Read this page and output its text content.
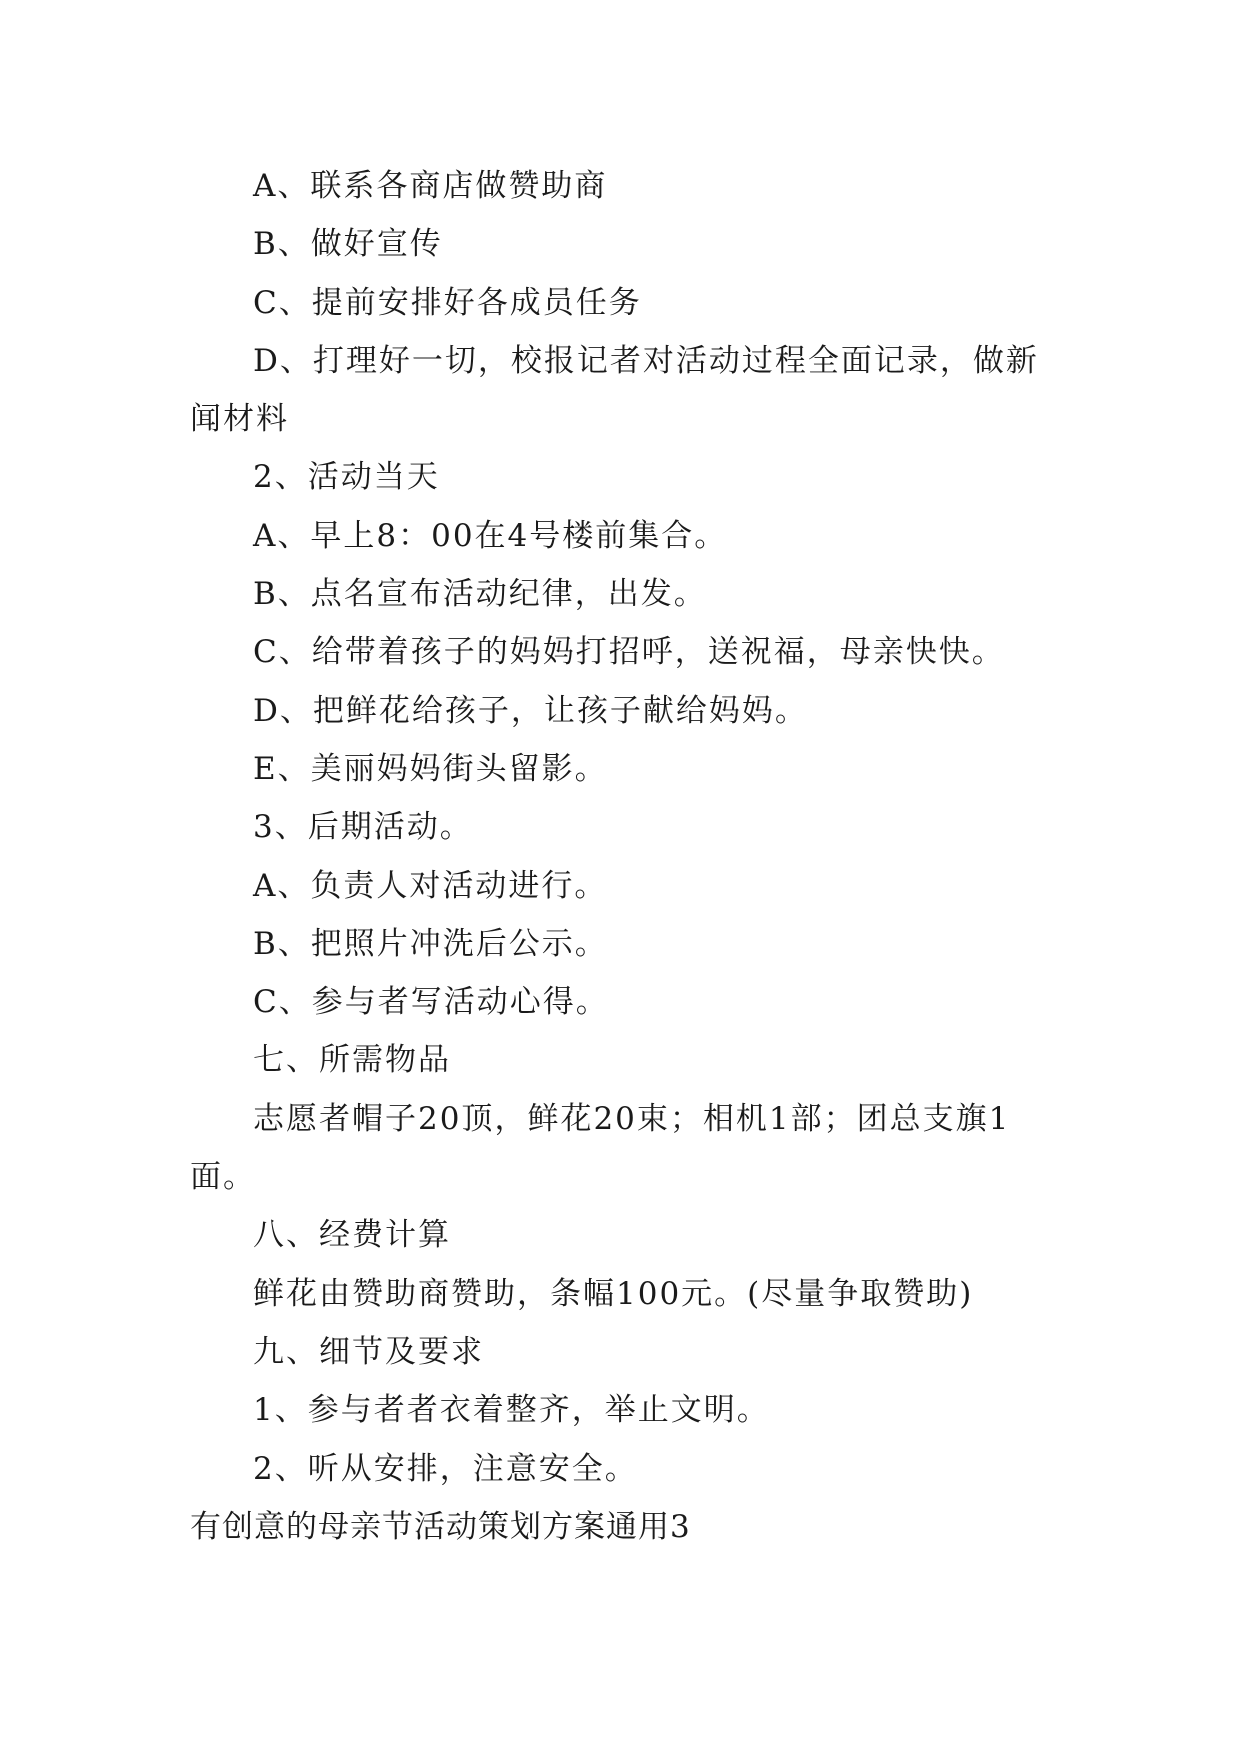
A、联系各商店做赞助商
B、做好宣传
C、提前安排好各成员任务
D、打理好一切，校报记者对活动过程全面记录，做新
闻材料
2、活动当天
A、早上8：00在4号楼前集合。
B、点名宣布活动纪律，出发。
C、给带着孩子的妈妈打招呼，送祝福，母亲快快。
D、把鲜花给孩子，让孩子献给妈妈。
E、美丽妈妈街头留影。
3、后期活动。
A、负责人对活动进行。
B、把照片冲洗后公示。
C、参与者写活动心得。
七、所需物品
志愿者帽子20顶，鲜花20束；相机1部；团总支旗1
面。
八、经费计算
鲜花由赞助商赞助，条幅100元。(尽量争取赞助)
九、细节及要求
1、参与者者衣着整齐，举止文明。
2、听从安排，注意安全。
有创意的母亲节活动策划方案通用3
